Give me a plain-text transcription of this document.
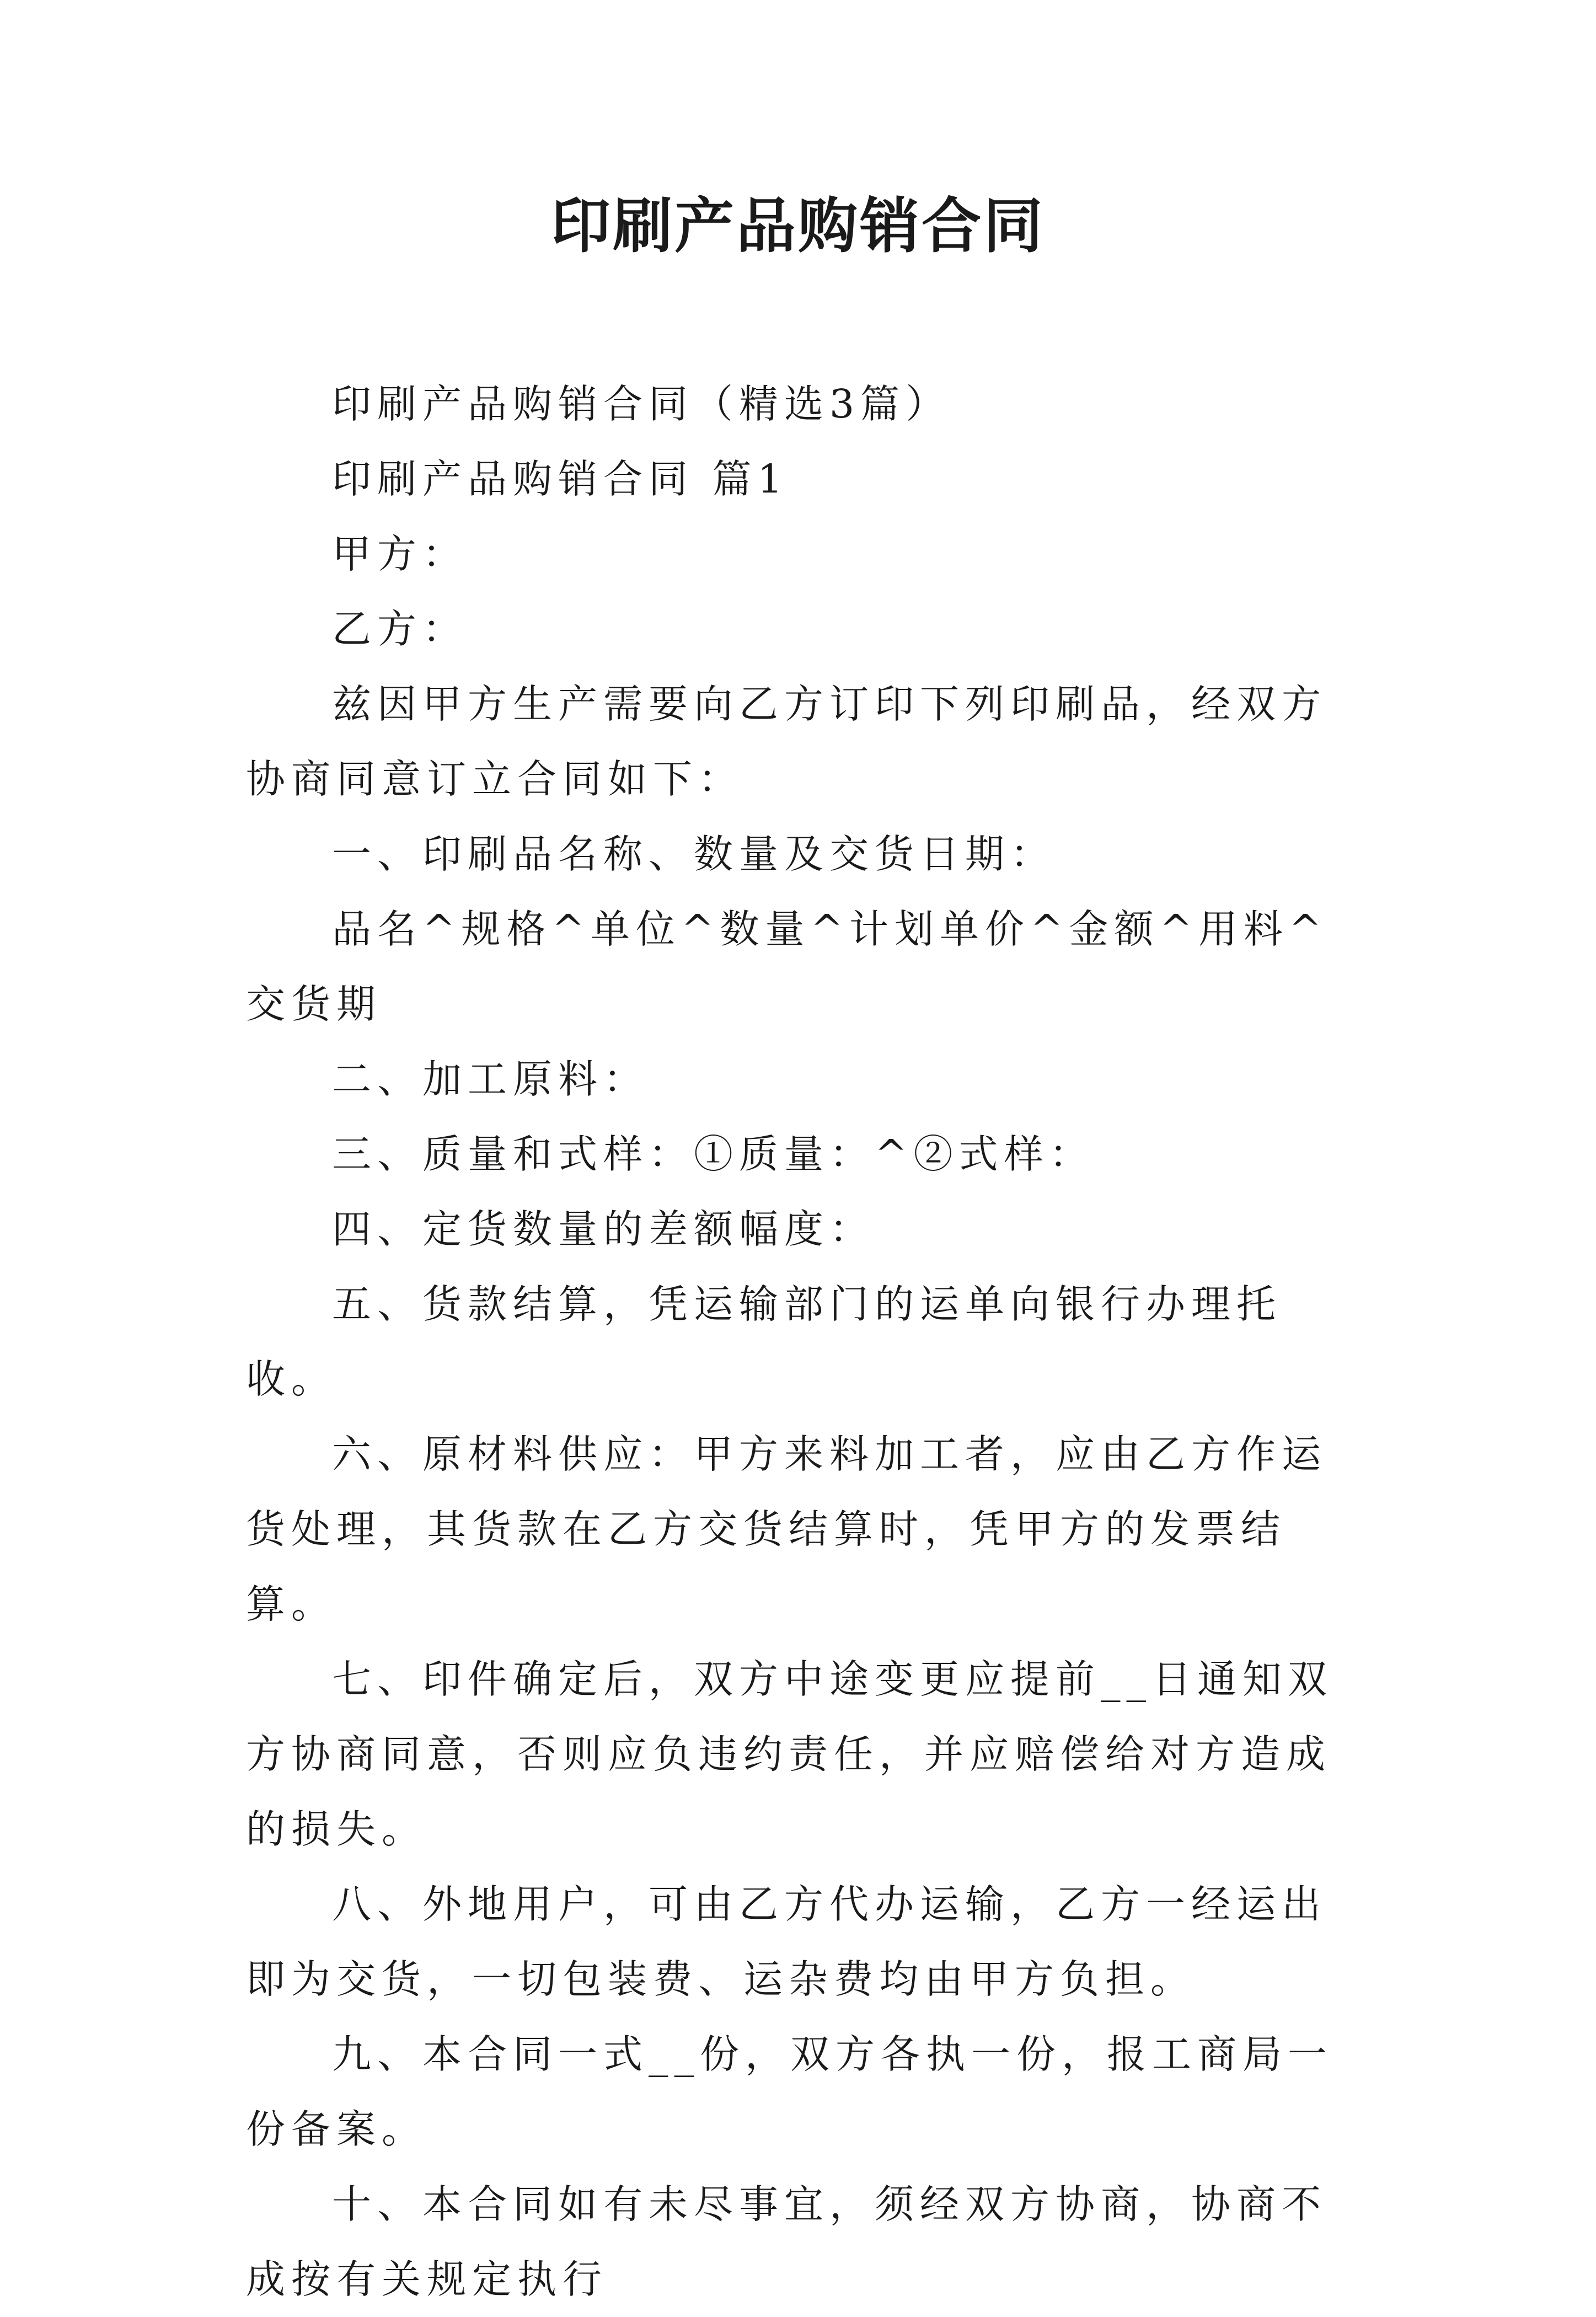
印刷产品购销合同

印刷产品购销合同（精选3篇）

印刷产品购销合同 篇1

甲方：

乙方：

兹因甲方生产需要向乙方订印下列印刷品，经双方协商同意订立合同如下：

一、印刷品名称、数量及交货日期：

品名^规格^单位^数量^计划单价^金额^用料^交货期

二、加工原料：

三、质量和式样：①质量：^②式样：

四、定货数量的差额幅度：

五、货款结算，凭运输部门的运单向银行办理托收。

六、原材料供应：甲方来料加工者，应由乙方作运货处理，其货款在乙方交货结算时，凭甲方的发票结算。

七、印件确定后，双方中途变更应提前__日通知双方协商同意，否则应负违约责任，并应赔偿给对方造成的损失。

八、外地用户，可由乙方代办运输，乙方一经运出即为交货，一切包装费、运杂费均由甲方负担。

九、本合同一式__份，双方各执一份，报工商局一份备案。

十、本合同如有未尽事宜，须经双方协商，协商不成按有关规定执行
